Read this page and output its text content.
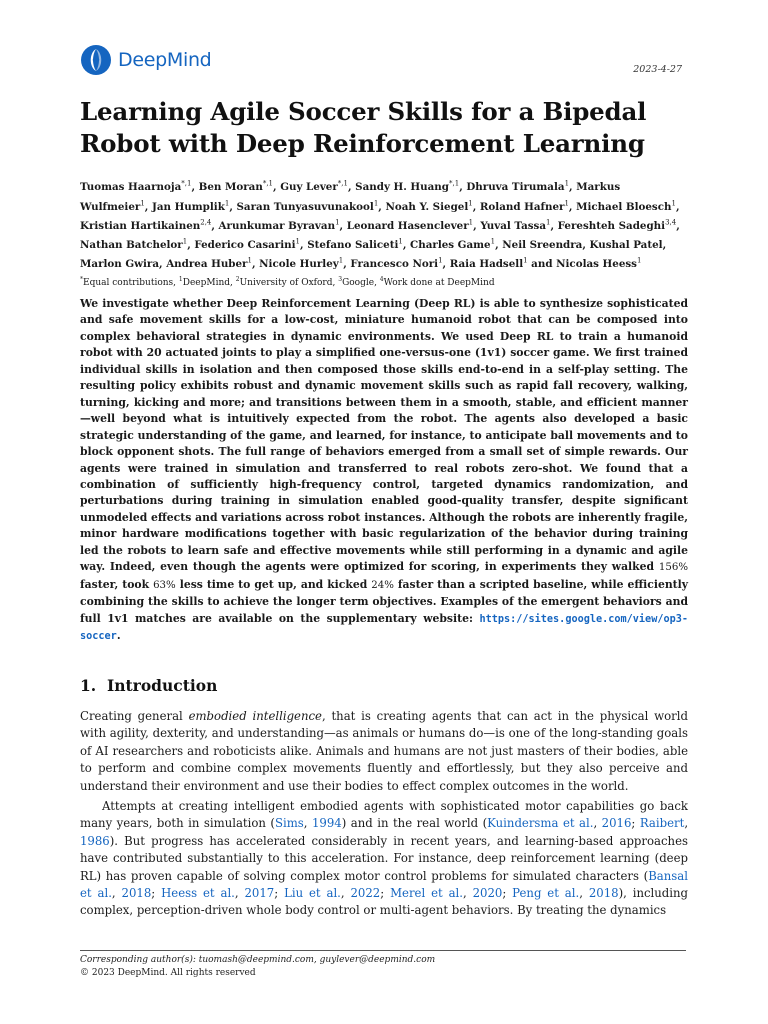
DeepMind	2023-4-27
Learning Agile Soccer Skills for a Bipedal Robot with Deep Reinforcement Learning
Tuomas Haarnoja$^{*,1}$, Ben Moran$^{*,1}$, Guy Lever$^{*,1}$, Sandy H. Huang$^{*,1}$, Dhruva Tirumala$^1$, Markus Wulfmeier$^1$, Jan Humplik$^1$, Saran Tunyasuvunakool$^1$, Noah Y. Siegel$^1$, Roland Hafner$^1$, Michael Bloesch$^1$, Kristian Hartikainen$^{2,4}$, Arunkumar Byravan$^1$, Leonard Hasenclever$^1$, Yuval Tassa$^1$, Fereshteh Sadeghi$^{3,4}$, Nathan Batchelor$^1$, Federico Casarini$^1$, Stefano Saliceti$^1$, Charles Game$^1$, Neil Sreendra, Kushal Patel, Marlon Gwira, Andrea Huber$^1$, Nicole Hurley$^1$, Francesco Nori$^1$, Raia Hadsell$^1$ and Nicolas Heess$^1$
*Equal contributions, $^1$DeepMind, $^2$University of Oxford, $^3$Google, $^4$Work done at DeepMind
We investigate whether Deep Reinforcement Learning (Deep RL) is able to synthesize sophisticated and safe movement skills for a low-cost, miniature humanoid robot that can be composed into complex behavioral strategies in dynamic environments. We used Deep RL to train a humanoid robot with 20 actuated joints to play a simplified one-versus-one (1v1) soccer game. We first trained individual skills in isolation and then composed those skills end-to-end in a self-play setting. The resulting policy exhibits robust and dynamic movement skills such as rapid fall recovery, walking, turning, kicking and more; and transitions between them in a smooth, stable, and efficient manner—well beyond what is intuitively expected from the robot. The agents also developed a basic strategic understanding of the game, and learned, for instance, to anticipate ball movements and to block opponent shots. The full range of behaviors emerged from a small set of simple rewards. Our agents were trained in simulation and transferred to real robots zero-shot. We found that a combination of sufficiently high-frequency control, targeted dynamics randomization, and perturbations during training in simulation enabled good-quality transfer, despite significant unmodeled effects and variations across robot instances. Although the robots are inherently fragile, minor hardware modifications together with basic regularization of the behavior during training led the robots to learn safe and effective movements while still performing in a dynamic and agile way. Indeed, even though the agents were optimized for scoring, in experiments they walked 156% faster, took 63% less time to get up, and kicked 24% faster than a scripted baseline, while efficiently combining the skills to achieve the longer term objectives. Examples of the emergent behaviors and full 1v1 matches are available on the supplementary website: https://sites.google.com/view/op3-soccer.
1. Introduction
Creating general embodied intelligence, that is creating agents that can act in the physical world with agility, dexterity, and understanding—as animals or humans do—is one of the long-standing goals of AI researchers and roboticists alike. Animals and humans are not just masters of their bodies, able to perform and combine complex movements fluently and effortlessly, but they also perceive and understand their environment and use their bodies to effect complex outcomes in the world.
Attempts at creating intelligent embodied agents with sophisticated motor capabilities go back many years, both in simulation (Sims, 1994) and in the real world (Kuindersma et al., 2016; Raibert, 1986). But progress has accelerated considerably in recent years, and learning-based approaches have contributed substantially to this acceleration. For instance, deep reinforcement learning (deep RL) has proven capable of solving complex motor control problems for simulated characters (Bansal et al., 2018; Heess et al., 2017; Liu et al., 2022; Merel et al., 2020; Peng et al., 2018), including complex, perception-driven whole body control or multi-agent behaviors. By treating the dynamics
Corresponding author(s): tuomash@deepmind.com, guylever@deepmind.com
© 2023 DeepMind. All rights reserved
